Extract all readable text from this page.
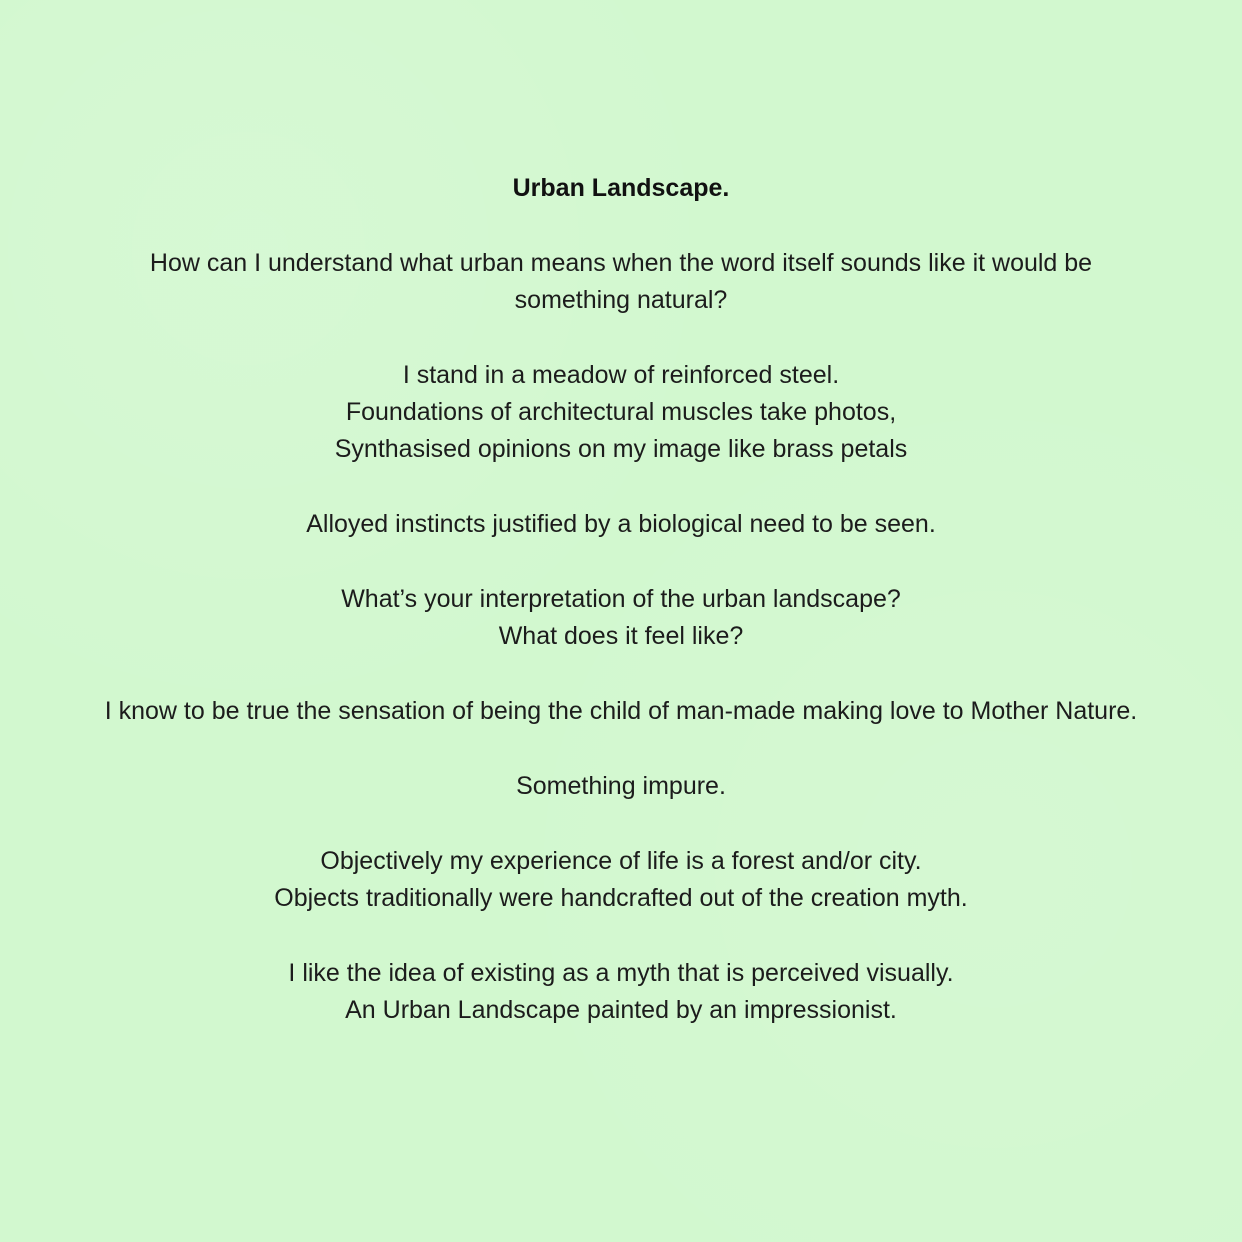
Urban Landscape.
How can I understand what urban means when the word itself sounds like it would be
something natural?
I stand in a meadow of reinforced steel.
Foundations of architectural muscles take photos,
Synthasised opinions on my image like brass petals
Alloyed instincts justified by a biological need to be seen.
What’s your interpretation of the urban landscape?
What does it feel like?
I know to be true the sensation of being the child of man-made making love to Mother Nature.
Something impure.
Objectively my experience of life is a forest and/or city.
Objects traditionally were handcrafted out of the creation myth.
I like the idea of existing as a myth that is perceived visually.
An Urban Landscape painted by an impressionist.
